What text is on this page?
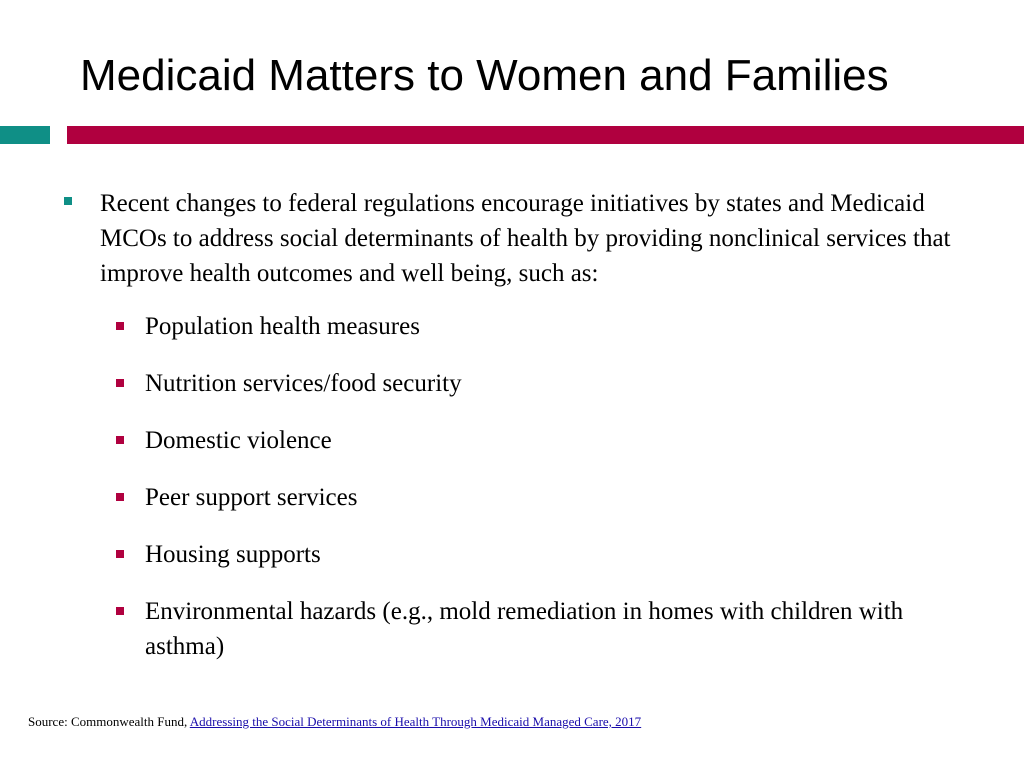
Medicaid Matters to Women and Families
Recent changes to federal regulations encourage initiatives by states and Medicaid MCOs to address social determinants of health by providing nonclinical services that improve health outcomes and well being, such as:
Population health measures
Nutrition services/food security
Domestic violence
Peer support services
Housing supports
Environmental hazards (e.g., mold remediation in homes with children with asthma)
Source: Commonwealth Fund, Addressing the Social Determinants of Health Through Medicaid Managed Care, 2017
